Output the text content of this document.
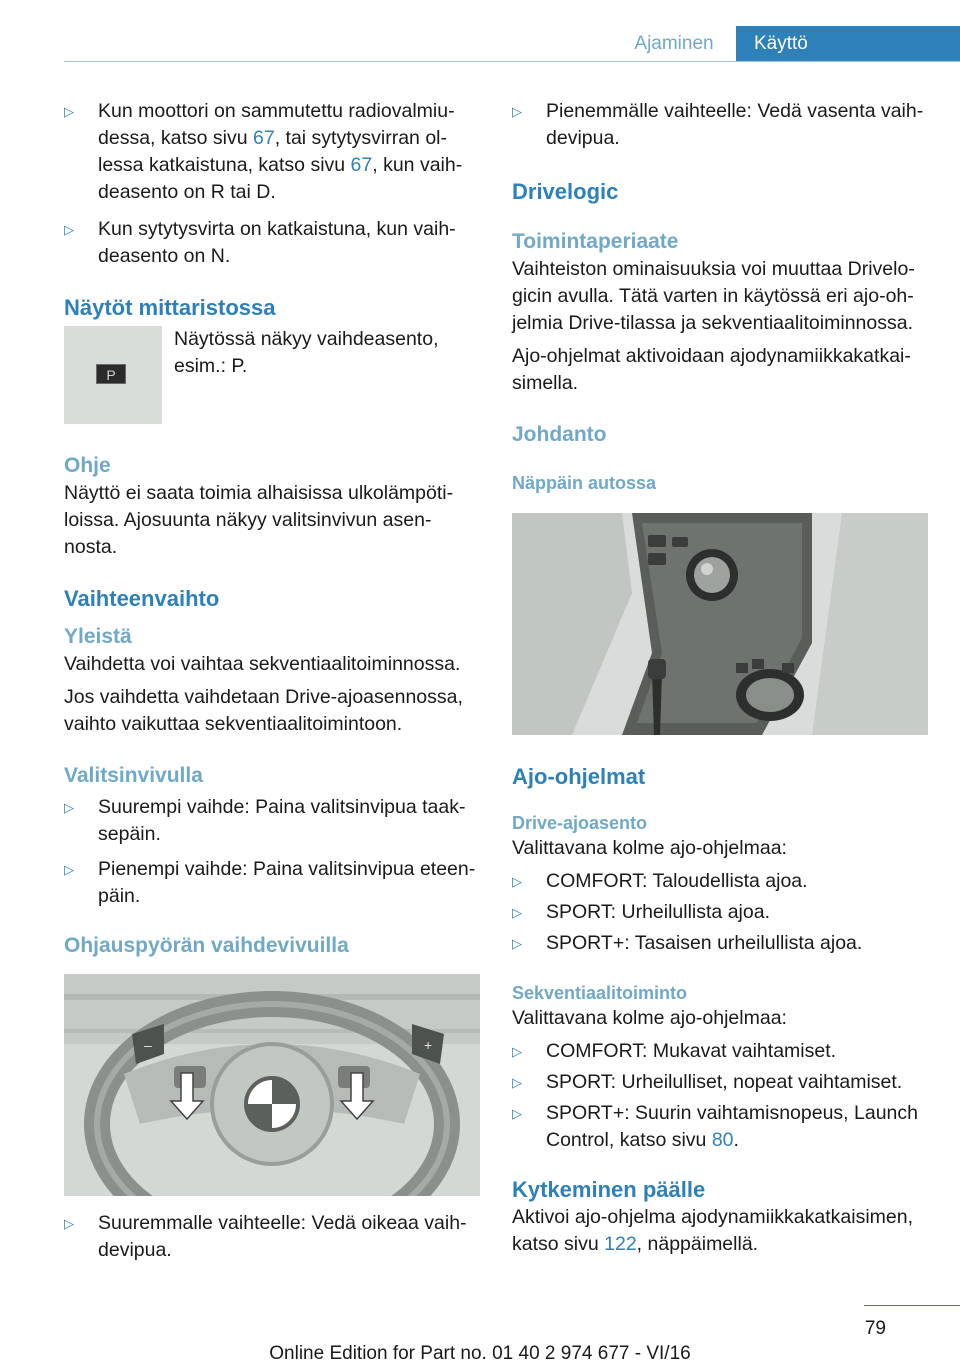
Ajaminen	Käyttö
▷	Kun moottori on sammutettu radiovalmiu-
dessa, katso sivu 67, tai sytytysvirran ol-
lessa katkaistuna, katso sivu 67, kun vaih-
deasento on R tai D.
▷	Kun sytytysvirta on katkaistuna, kun vaih-
deasento on N.
Näytöt mittaristossa
P
Näytössä näkyy vaihdeasento,
esim.: P.
Ohje
Näyttö ei saata toimia alhaisissa ulkolämpöti-
loissa. Ajosuunta näkyy valitsinvivun asen-
nosta.
Vaihteenvaihto
Yleistä
Vaihdetta voi vaihtaa sekventiaalitoiminnossa.
Jos vaihdetta vaihdetaan Drive-ajoasennossa,
vaihto vaikuttaa sekventiaalitoimintoon.
Valitsinvivulla
▷	Suurempi vaihde: Paina valitsinvipua taak-
sepäin.
▷	Pienempi vaihde: Paina valitsinvipua eteen-
päin.
Ohjauspyörän vaihdevivuilla
–	+
▷	Suuremmalle vaihteelle: Vedä oikeaa vaih-
devipua.
▷	Pienemmälle vaihteelle: Vedä vasenta vaih-
devipua.
Drivelogic
Toimintaperiaate
Vaihteiston ominaisuuksia voi muuttaa Drivelo-
gicin avulla. Tätä varten in käytössä eri ajo-oh-
jelmia Drive-tilassa ja sekventiaalitoiminnossa.
Ajo-ohjelmat aktivoidaan ajodynamiikkakatkai-
simella.
Johdanto
Näppäin autossa
Ajo-ohjelmat
Drive-ajoasento
Valittavana kolme ajo-ohjelmaa:
▷	COMFORT: Taloudellista ajoa.
▷	SPORT: Urheilullista ajoa.
▷	SPORT+: Tasaisen urheilullista ajoa.
Sekventiaalitoiminto
Valittavana kolme ajo-ohjelmaa:
▷	COMFORT: Mukavat vaihtamiset.
▷	SPORT: Urheilulliset, nopeat vaihtamiset.
▷	SPORT+: Suurin vaihtamisnopeus, Launch
Control, katso sivu 80.
Kytkeminen päälle
Aktivoi ajo-ohjelma ajodynamiikkakatkaisimen,
katso sivu 122, näppäimellä.
79
Online Edition for Part no. 01 40 2 974 677 - VI/16
